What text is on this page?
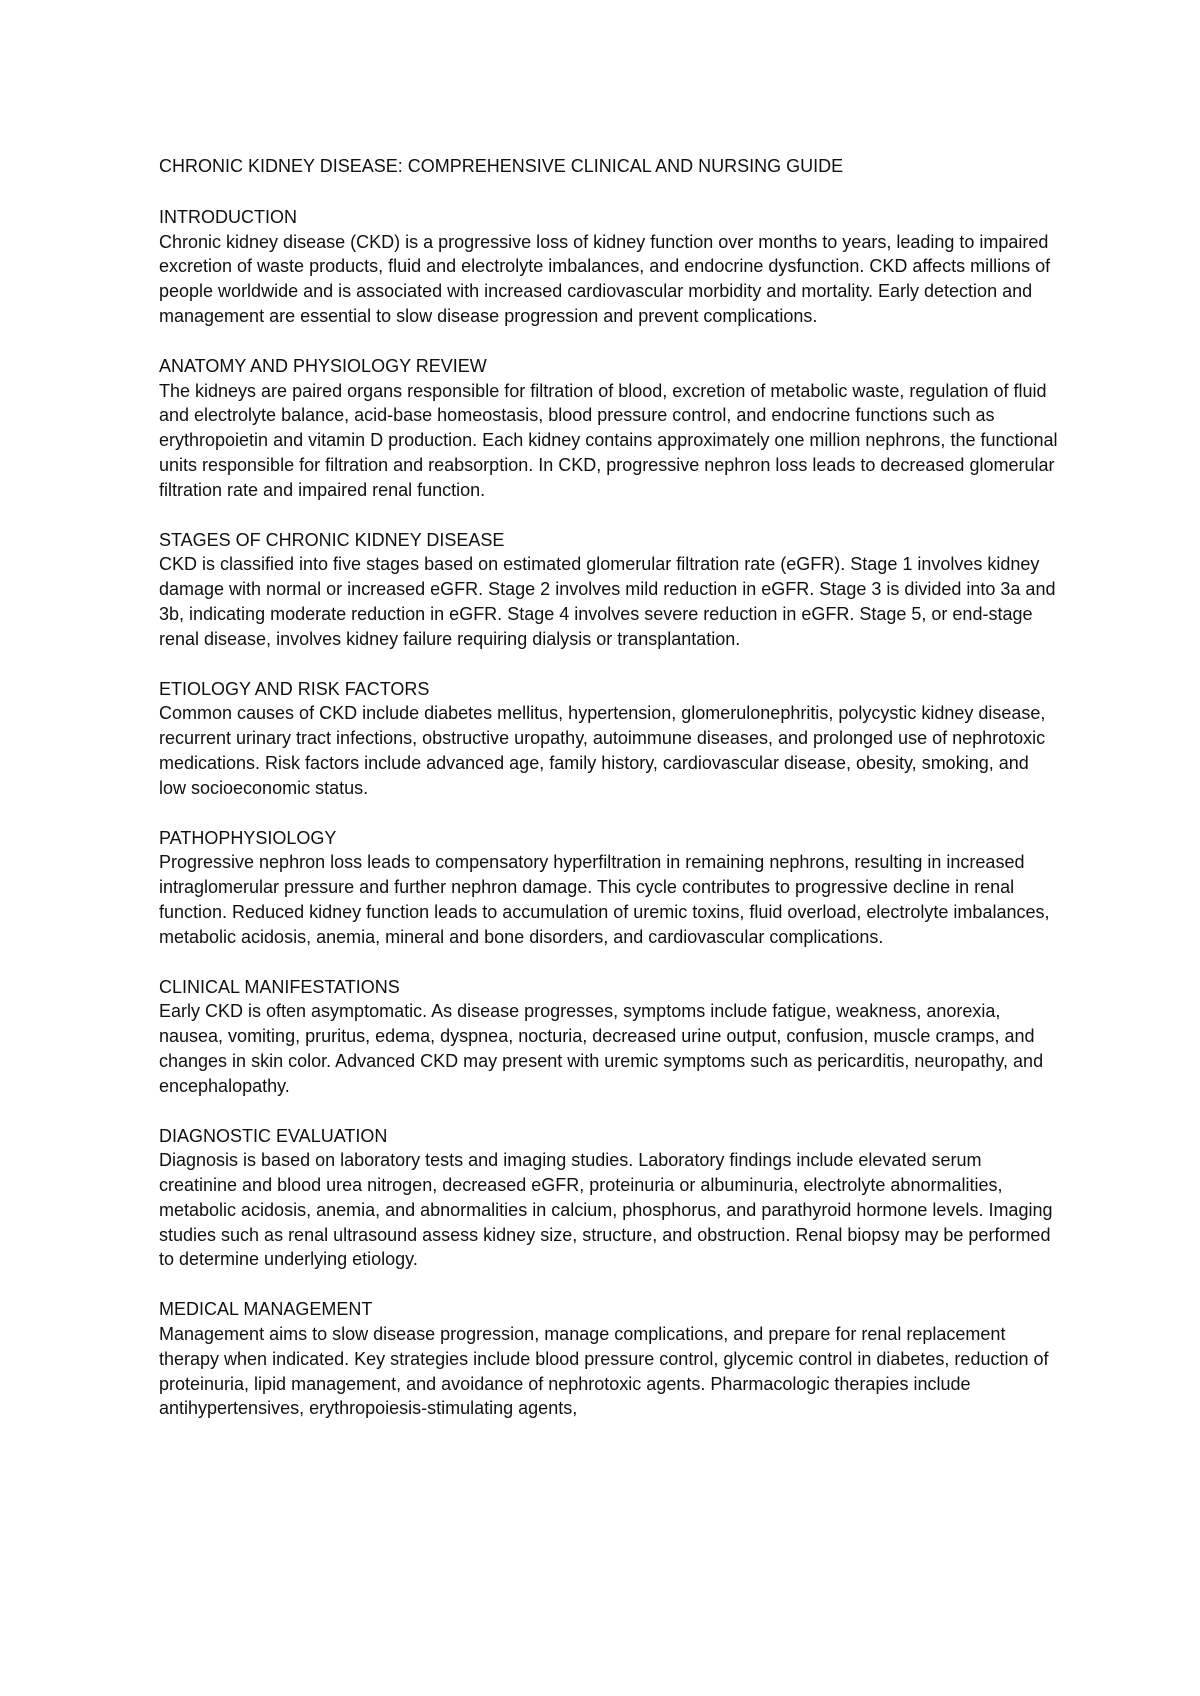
CHRONIC KIDNEY DISEASE: COMPREHENSIVE CLINICAL AND NURSING GUIDE
INTRODUCTION

Chronic kidney disease (CKD) is a progressive loss of kidney function over months to years, leading to impaired excretion of waste products, fluid and electrolyte imbalances, and endocrine dysfunction. CKD affects millions of people worldwide and is associated with increased cardiovascular morbidity and mortality. Early detection and management are essential to slow disease progression and prevent complications.

ANATOMY AND PHYSIOLOGY REVIEW

The kidneys are paired organs responsible for filtration of blood, excretion of metabolic waste, regulation of fluid and electrolyte balance, acid-base homeostasis, blood pressure control, and endocrine functions such as erythropoietin and vitamin D production. Each kidney contains approximately one million nephrons, the functional units responsible for filtration and reabsorption. In CKD, progressive nephron loss leads to decreased glomerular filtration rate and impaired renal function.

STAGES OF CHRONIC KIDNEY DISEASE

CKD is classified into five stages based on estimated glomerular filtration rate (eGFR). Stage 1 involves kidney damage with normal or increased eGFR. Stage 2 involves mild reduction in eGFR. Stage 3 is divided into 3a and 3b, indicating moderate reduction in eGFR. Stage 4 involves severe reduction in eGFR. Stage 5, or end-stage renal disease, involves kidney failure requiring dialysis or transplantation.

ETIOLOGY AND RISK FACTORS

Common causes of CKD include diabetes mellitus, hypertension, glomerulonephritis, polycystic kidney disease, recurrent urinary tract infections, obstructive uropathy, autoimmune diseases, and prolonged use of nephrotoxic medications. Risk factors include advanced age, family history, cardiovascular disease, obesity, smoking, and low socioeconomic status.

PATHOPHYSIOLOGY

Progressive nephron loss leads to compensatory hyperfiltration in remaining nephrons, resulting in increased intraglomerular pressure and further nephron damage. This cycle contributes to progressive decline in renal function. Reduced kidney function leads to accumulation of uremic toxins, fluid overload, electrolyte imbalances, metabolic acidosis, anemia, mineral and bone disorders, and cardiovascular complications.

CLINICAL MANIFESTATIONS

Early CKD is often asymptomatic. As disease progresses, symptoms include fatigue, weakness, anorexia, nausea, vomiting, pruritus, edema, dyspnea, nocturia, decreased urine output, confusion, muscle cramps, and changes in skin color. Advanced CKD may present with uremic symptoms such as pericarditis, neuropathy, and encephalopathy.

DIAGNOSTIC EVALUATION

Diagnosis is based on laboratory tests and imaging studies. Laboratory findings include elevated serum creatinine and blood urea nitrogen, decreased eGFR, proteinuria or albuminuria, electrolyte abnormalities, metabolic acidosis, anemia, and abnormalities in calcium, phosphorus, and parathyroid hormone levels. Imaging studies such as renal ultrasound assess kidney size, structure, and obstruction. Renal biopsy may be performed to determine underlying etiology.

MEDICAL MANAGEMENT

Management aims to slow disease progression, manage complications, and prepare for renal replacement therapy when indicated. Key strategies include blood pressure control, glycemic control in diabetes, reduction of proteinuria, lipid management, and avoidance of nephrotoxic agents. Pharmacologic therapies include antihypertensives, erythropoiesis-stimulating agents,
